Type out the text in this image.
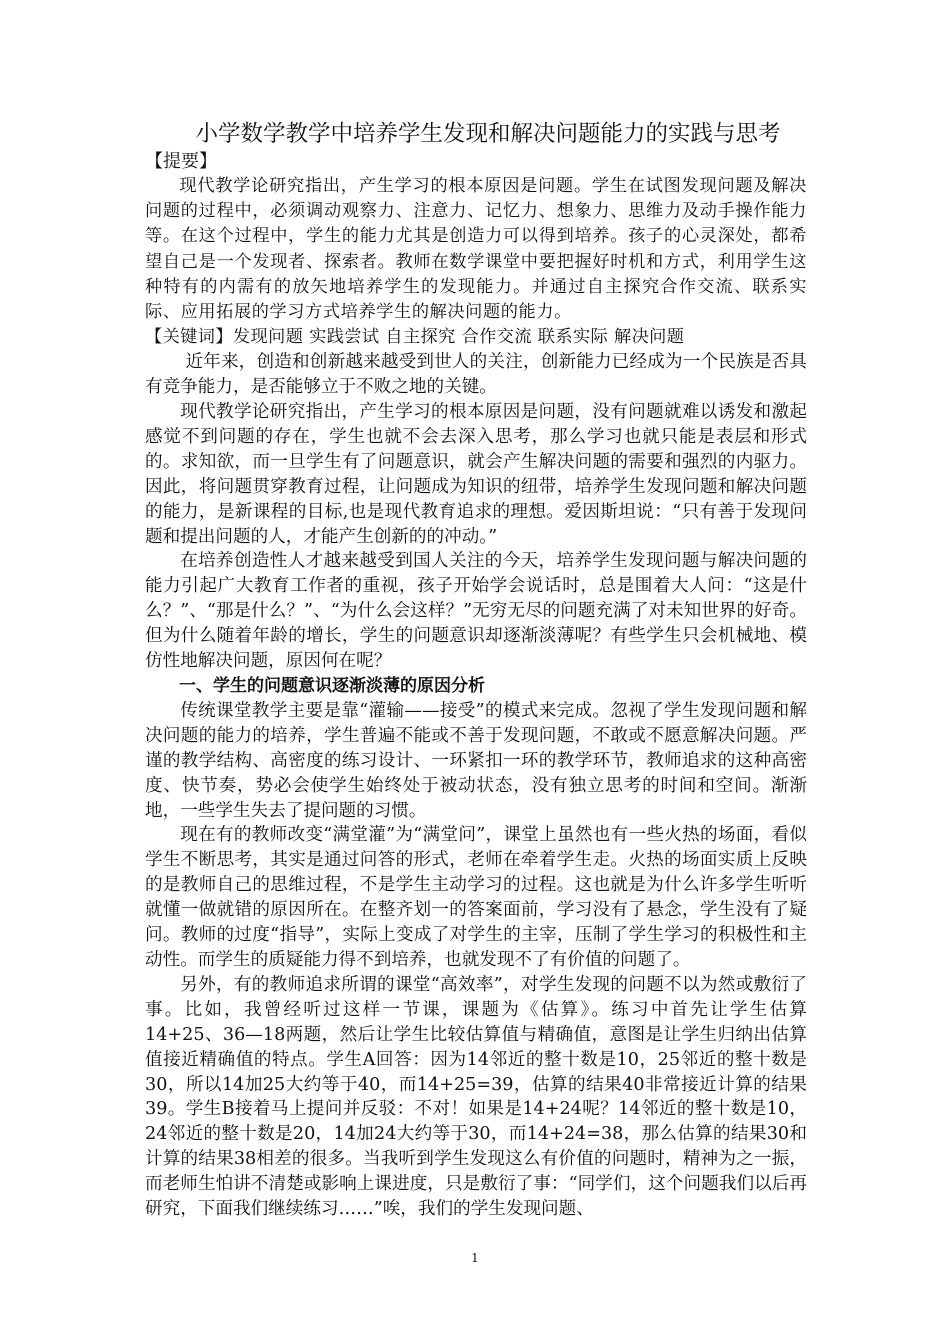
小学数学教学中培养学生发现和解决问题能力的实践与思考
【提要】

现代教学论研究指出，产生学习的根本原因是问题。学生在试图发现问题及解决问题的过程中，必须调动观察力、注意力、记忆力、想象力、思维力及动手操作能力等。在这个过程中，学生的能力尤其是创造力可以得到培养。孩子的心灵深处，都希望自己是一个发现者、探索者。教师在数学课堂中要把握好时机和方式，利用学生这种特有的内需有的放矢地培养学生的发现能力。并通过自主探究合作交流、联系实际、应用拓展的学习方式培养学生的解决问题的能力。

【关键词】发现问题 实践尝试 自主探究 合作交流 联系实际 解决问题

近年来，创造和创新越来越受到世人的关注，创新能力已经成为一个民族是否具有竞争能力，是否能够立于不败之地的关键。

现代教学论研究指出，产生学习的根本原因是问题，没有问题就难以诱发和激起感觉不到问题的存在，学生也就不会去深入思考，那么学习也就只能是表层和形式的。求知欲，而一旦学生有了问题意识，就会产生解决问题的需要和强烈的内驱力。因此，将问题贯穿教育过程，让问题成为知识的纽带，培养学生发现问题和解决问题的能力，是新课程的目标,也是现代教育追求的理想。爱因斯坦说：“只有善于发现问题和提出问题的人，才能产生创新的的冲动。”

在培养创造性人才越来越受到国人关注的今天，培养学生发现问题与解决问题的能力引起广大教育工作者的重视，孩子开始学会说话时，总是围着大人问：“这是什么？”、“那是什么？”、“为什么会这样？”无穷无尽的问题充满了对未知世界的好奇。但为什么随着年龄的增长，学生的问题意识却逐渐淡薄呢？有些学生只会机械地、模仿性地解决问题，原因何在呢？

一、学生的问题意识逐渐淡薄的原因分析

传统课堂教学主要是靠“灌输——接受”的模式来完成。忽视了学生发现问题和解决问题的能力的培养，学生普遍不能或不善于发现问题，不敢或不愿意解决问题。严谨的教学结构、高密度的练习设计、一环紧扣一环的教学环节，教师追求的这种高密度、快节奏，势必会使学生始终处于被动状态，没有独立思考的时间和空间。渐渐地，一些学生失去了提问题的习惯。

现在有的教师改变“满堂灌”为“满堂问”，课堂上虽然也有一些火热的场面，看似学生不断思考，其实是通过问答的形式，老师在牵着学生走。火热的场面实质上反映的是教师自己的思维过程，不是学生主动学习的过程。这也就是为什么许多学生听听就懂一做就错的原因所在。在整齐划一的答案面前，学习没有了悬念，学生没有了疑问。教师的过度“指导”，实际上变成了对学生的主宰，压制了学生学习的积极性和主动性。而学生的质疑能力得不到培养，也就发现不了有价值的问题了。

另外，有的教师追求所谓的课堂“高效率”，对学生发现的问题不以为然或敷衍了事。比如，我曾经听过这样一节课，课题为《估算》。练习中首先让学生估算14+25、36—18两题，然后让学生比较估算值与精确值，意图是让学生归纳出估算值接近精确值的特点。学生A回答：因为14邻近的整十数是10，25邻近的整十数是30，所以14加25大约等于40，而14+25=39，估算的结果40非常接近计算的结果39。学生B接着马上提问并反驳：不对！如果是14+24呢？14邻近的整十数是10，24邻近的整十数是20，14加24大约等于30，而14+24=38，那么估算的结果30和计算的结果38相差的很多。当我听到学生发现这么有价值的问题时，精神为之一振，而老师生怕讲不清楚或影响上课进度，只是敷衍了事：“同学们，这个问题我们以后再研究，下面我们继续练习……”唉，我们的学生发现问题、

1
